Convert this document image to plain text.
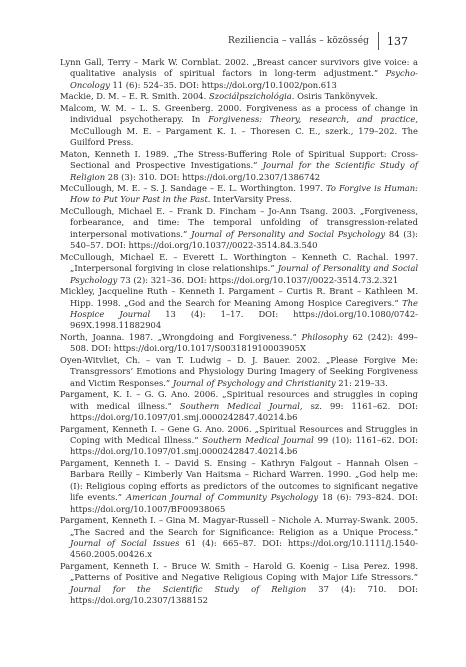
Reziliencia – vallás – közösség	137

Lynn Gall, Terry – Mark W. Cornblat. 2002. „Breast cancer survivors give voice: a qualitative analysis of spiritual factors in long-term adjustment.” Psycho-Oncology 11 (6): 524–35. DOI: https://doi.org/10.1002/pon.613

Mackie, D. M. – E. R. Smith. 2004. Szociálpszichológia. Osiris Tankönyvek.

Malcom, W. M. – L. S. Greenberg. 2000. Forgiveness as a process of change in individual psychotherapy. In Forgiveness: Theory, research, and practice, McCullough M. E. – Pargament K. I. – Thoresen C. E., szerk., 179–202. The Guilford Press.

Maton, Kenneth I. 1989. „The Stress-Buffering Role of Spiritual Support: Cross-Sectional and Prospective Investigations.” Journal for the Scientific Study of Religion 28 (3): 310. DOI: https://doi.org/10.2307/1386742

McCullough, M. E. – S. J. Sandage – E. L. Worthington. 1997. To Forgive is Human: How to Put Your Past in the Past. InterVarsity Press.

McCullough, Michael E. – Frank D. Fincham – Jo-Ann Tsang. 2003. „Forgiveness, forbearance, and time: The temporal unfolding of transgression-related interpersonal motivations.” Journal of Personality and Social Psychology 84 (3): 540–57. DOI: https://doi.org/10.1037//0022-3514.84.3.540

McCullough, Michael E. – Everett L. Worthington – Kenneth C. Rachal. 1997. „Interpersonal forgiving in close relationships.” Journal of Personality and Social Psychology 73 (2): 321–36. DOI: https://doi.org/10.1037//0022-3514.73.2.321

Mickley, Jacqueline Ruth – Kenneth I. Pargament – Curtis R. Brant – Kathleen M. Hipp. 1998. „God and the Search for Meaning Among Hospice Caregivers.” The Hospice Journal 13 (4): 1–17. DOI: https://doi.org/10.1080/0742-969X.1998.11882904

North, Joanna. 1987. „Wrongdoing and Forgiveness.” Philosophy 62 (242): 499–508. DOI: https://doi.org/10.1017/S003181910003905X

Oyen-Witvliet, Ch. – van T. Ludwig – D. J. Bauer. 2002. „Please Forgive Me: Transgressors’ Emotions and Physiology During Imagery of Seeking Forgiveness and Victim Responses.” Journal of Psychology and Christianity 21: 219–33.

Pargament, K. I. – G. G. Ano. 2006. „Spiritual resources and struggles in coping with medical illness.” Southern Medical Journal, sz. 99: 1161–62. DOI: https://doi.org/10.1097/01.smj.0000242847.40214.b6

Pargament, Kenneth I. – Gene G. Ano. 2006. „Spiritual Resources and Struggles in Coping with Medical Illness.” Southern Medical Journal 99 (10): 1161–62. DOI: https://doi.org/10.1097/01.smj.0000242847.40214.b6

Pargament, Kenneth I. – David S. Ensing – Kathryn Falgout – Hannah Olsen – Barbara Reilly – Kimberly Van Haitsma – Richard Warren. 1990. „God help me: (I): Religious coping efforts as predictors of the outcomes to significant negative life events.” American Journal of Community Psychology 18 (6): 793–824. DOI: https://doi.org/10.1007/BF00938065

Pargament, Kenneth I. – Gina M. Magyar-Russell – Nichole A. Murray-Swank. 2005. „The Sacred and the Search for Significance: Religion as a Unique Process.” Journal of Social Issues 61 (4): 665–87. DOI: https://doi.org/10.1111/j.1540-4560.2005.00426.x

Pargament, Kenneth I. – Bruce W. Smith – Harold G. Koenig – Lisa Perez. 1998. „Patterns of Positive and Negative Religious Coping with Major Life Stressors.” Journal for the Scientific Study of Religion 37 (4): 710. DOI: https://doi.org/10.2307/1388152
